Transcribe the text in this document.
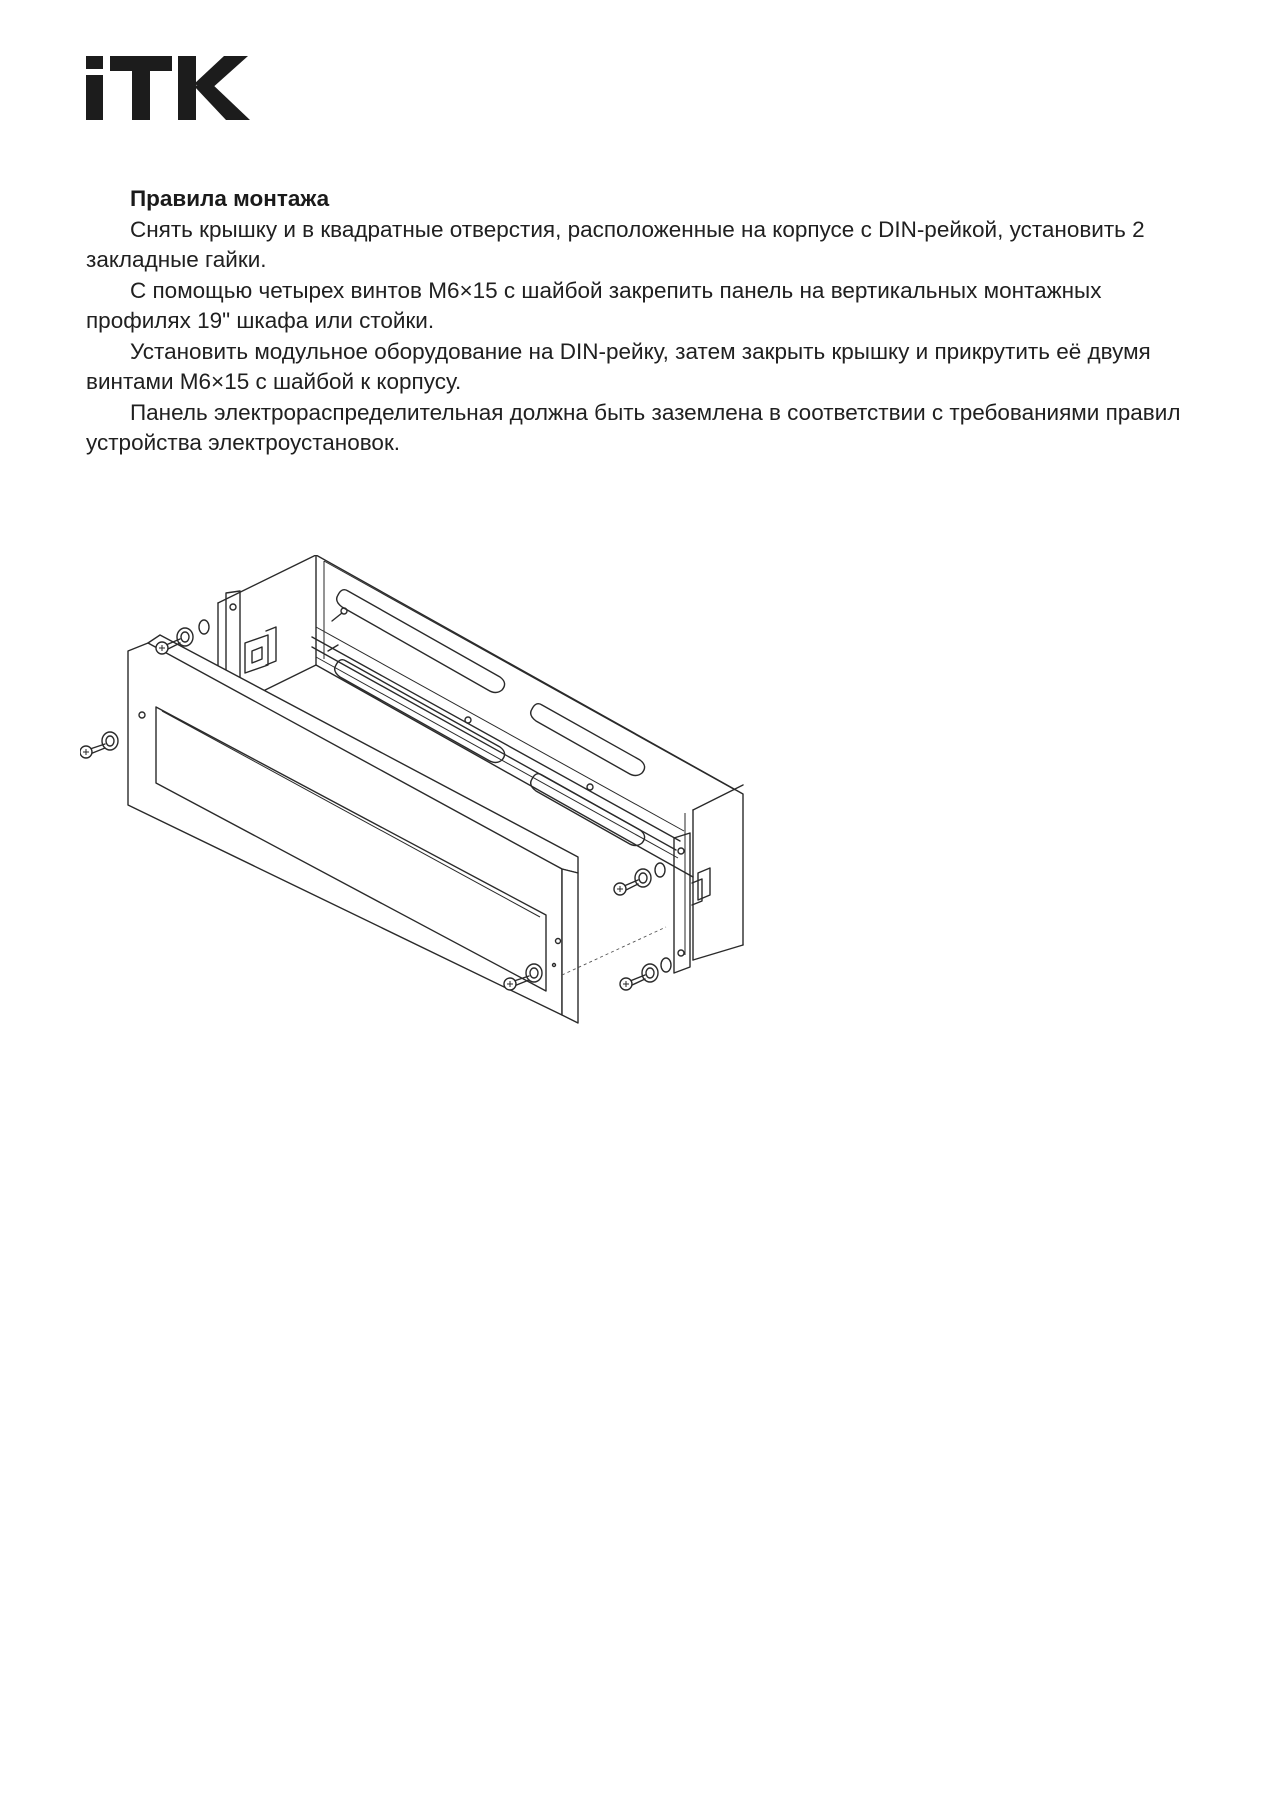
Правила монтажа

Снять крышку и в квадратные отверстия, расположенные на корпусе с DIN-рейкой, установить 2 закладные гайки.

С помощью четырех винтов М6×15 с шайбой закрепить панель на вертикальных монтажных профилях 19" шкафа или стойки.

Установить модульное оборудование на DIN-рейку, затем закрыть крышку и прикрутить её двумя винтами М6×15 с шайбой к корпусу.

Панель электрораспределительная должна быть заземлена в соответствии с требованиями правил устройства электроустановок.
